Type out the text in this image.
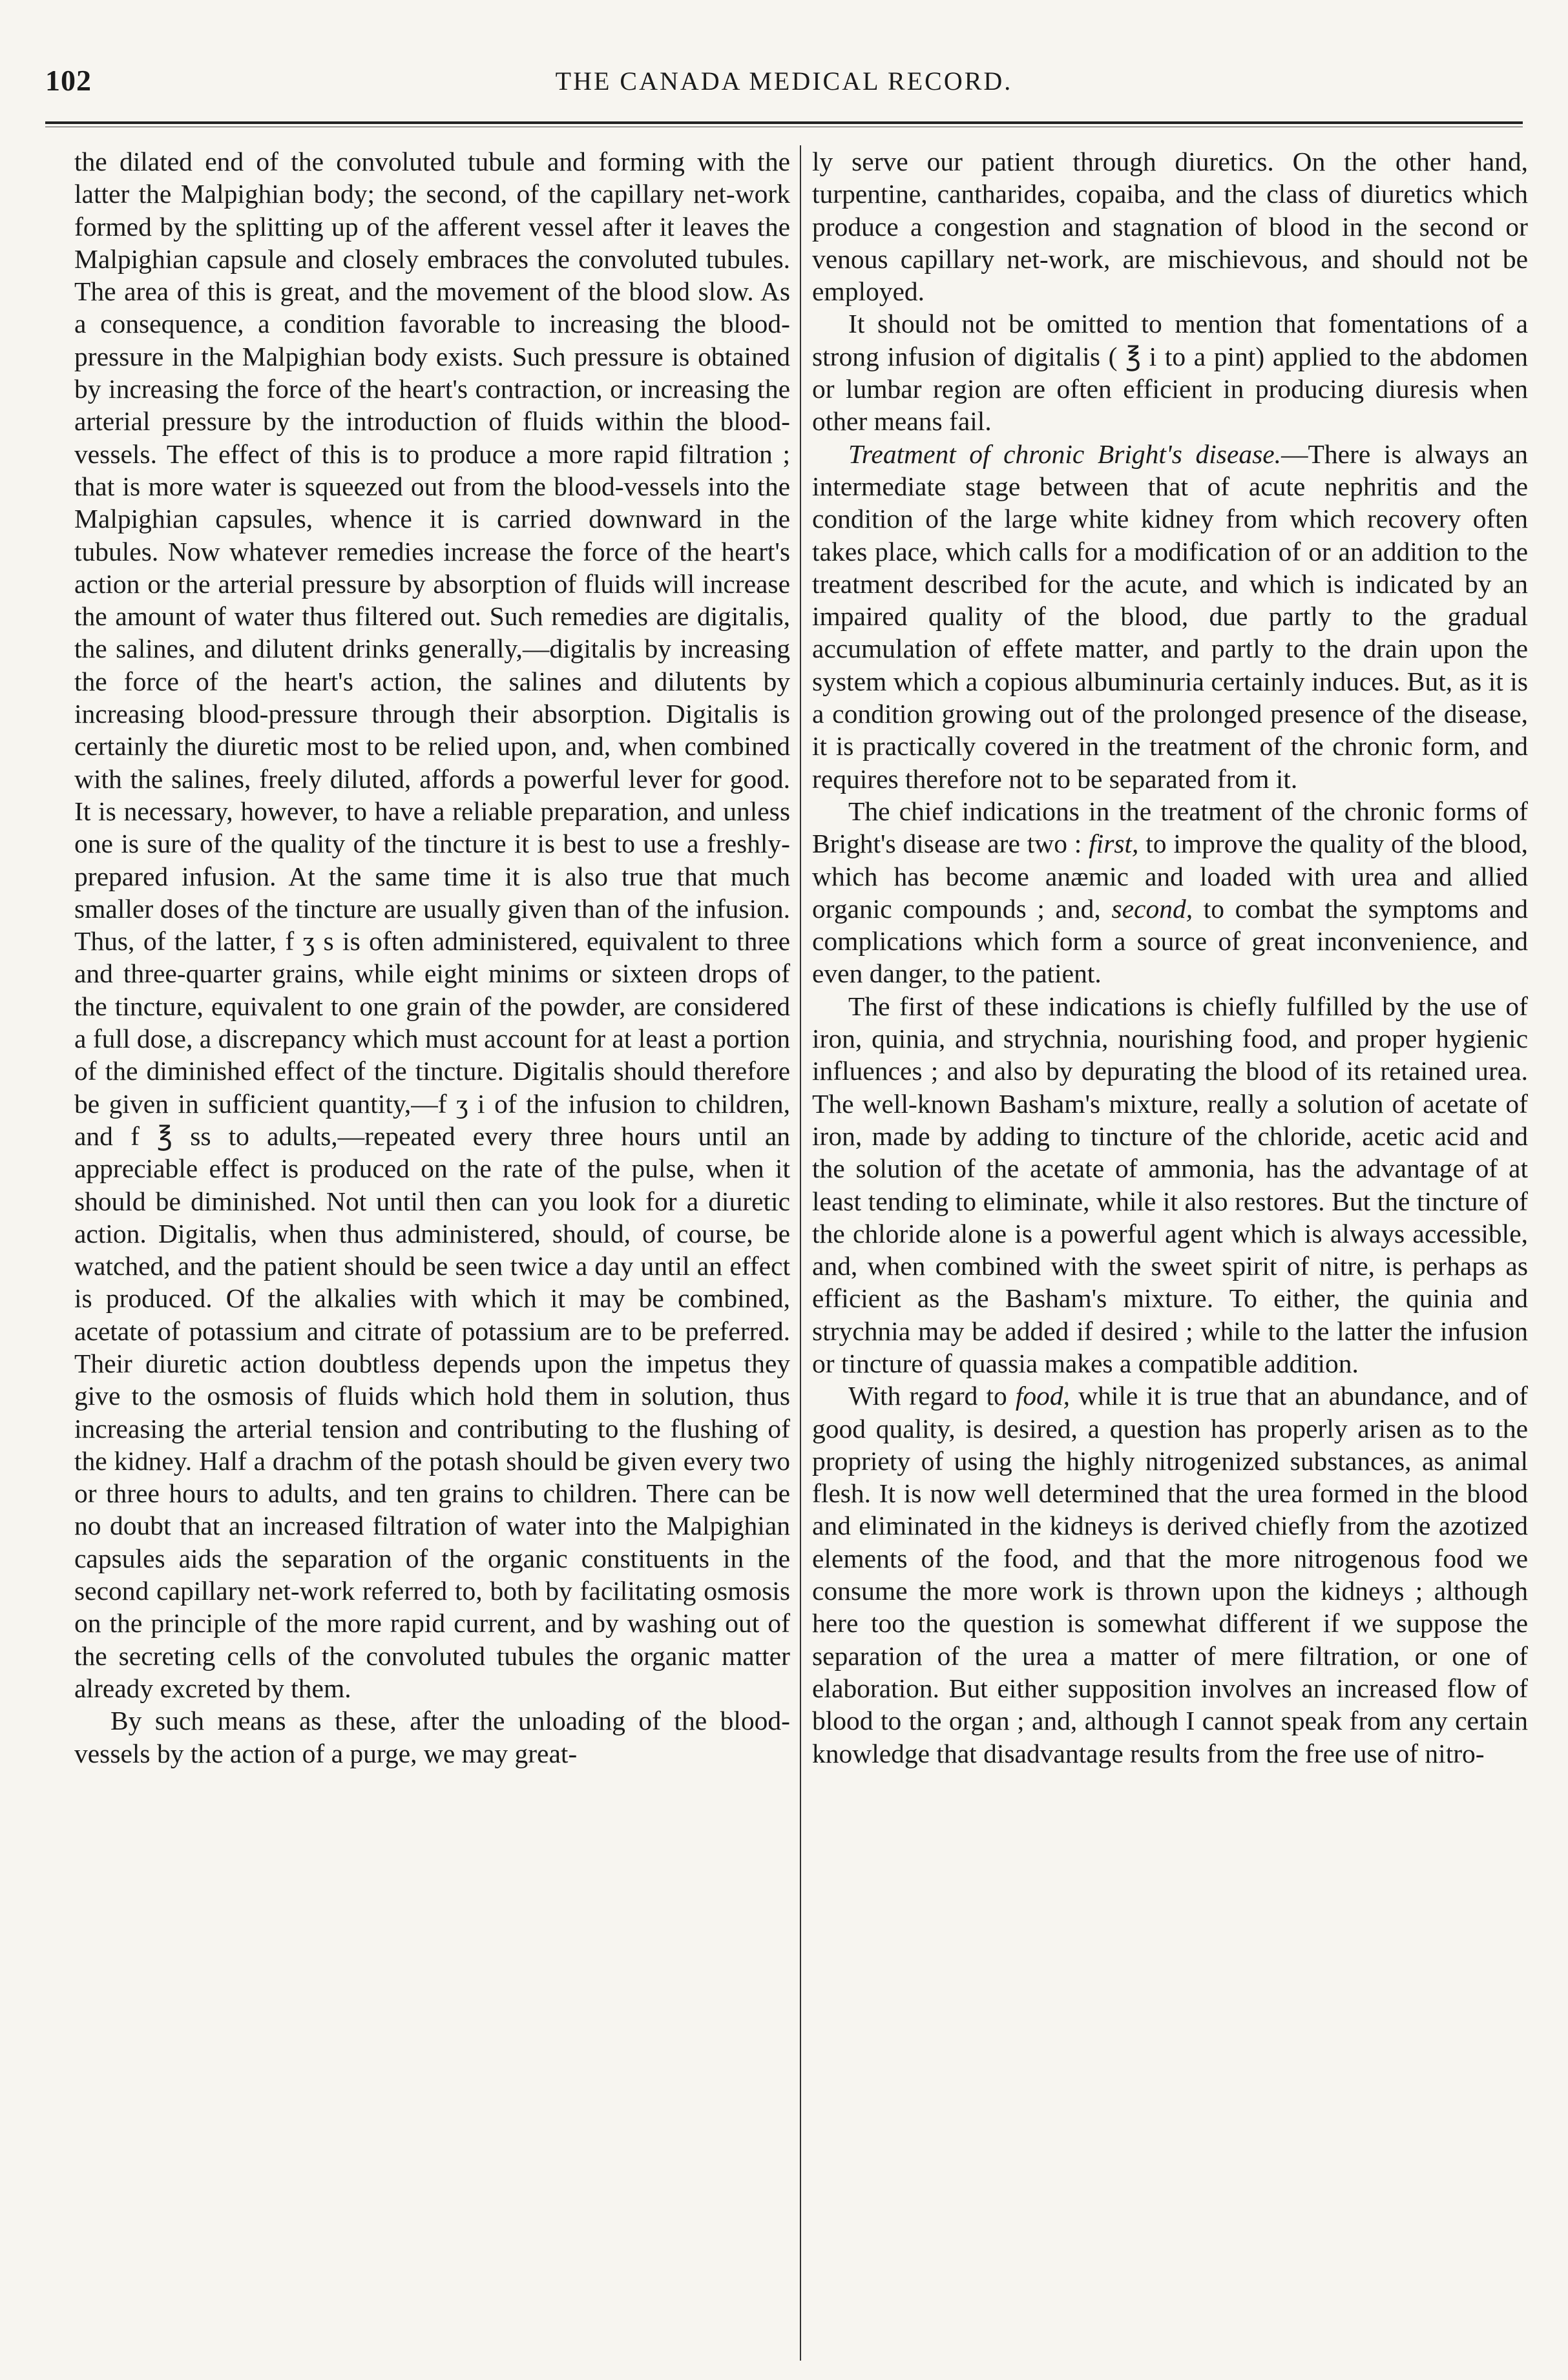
102	THE CANADA MEDICAL RECORD.

the dilated end of the convoluted tubule and forming with the latter the Malpighian body; the second, of the capillary net-work formed by the splitting up of the afferent vessel after it leaves the Malpighian capsule and closely embraces the convoluted tubules. The area of this is great, and the movement of the blood slow. As a consequence, a condition favorable to increasing the blood-pressure in the Malpighian body exists. Such pressure is obtained by increasing the force of the heart's contraction, or increasing the arterial pressure by the introduction of fluids within the blood-vessels. The effect of this is to produce a more rapid filtration ; that is more water is squeezed out from the blood-vessels into the Malpighian capsules, whence it is carried downward in the tubules. Now whatever remedies increase the force of the heart's action or the arterial pressure by absorption of fluids will increase the amount of water thus filtered out. Such remedies are digitalis, the salines, and dilutent drinks generally,—digitalis by increasing the force of the heart's action, the salines and dilutents by increasing blood-pressure through their absorption. Digitalis is certainly the diuretic most to be relied upon, and, when combined with the salines, freely diluted, affords a powerful lever for good. It is necessary, however, to have a reliable preparation, and unless one is sure of the quality of the tincture it is best to use a freshly-prepared infusion. At the same time it is also true that much smaller doses of the tincture are usually given than of the infusion. Thus, of the latter, f ʒ s is often administered, equivalent to three and three-quarter grains, while eight minims or sixteen drops of the tincture, equivalent to one grain of the powder, are considered a full dose, a discrepancy which must account for at least a portion of the diminished effect of the tincture. Digitalis should therefore be given in sufficient quantity,—f ʒ i of the infusion to children, and f ℥ ss to adults,—repeated every three hours until an appreciable effect is produced on the rate of the pulse, when it should be diminished. Not until then can you look for a diuretic action. Digitalis, when thus administered, should, of course, be watched, and the patient should be seen twice a day until an effect is produced. Of the alkalies with which it may be combined, acetate of potassium and citrate of potassium are to be preferred. Their diuretic action doubtless depends upon the impetus they give to the osmosis of fluids which hold them in solution, thus increasing the arterial tension and contributing to the flushing of the kidney. Half a drachm of the potash should be given every two or three hours to adults, and ten grains to children. There can be no doubt that an increased filtration of water into the Malpighian capsules aids the separation of the organic constituents in the second capillary net-work referred to, both by facilitating osmosis on the principle of the more rapid current, and by washing out of the secreting cells of the convoluted tubules the organic matter already excreted by them.

By such means as these, after the unloading of the blood-vessels by the action of a purge, we may great-

ly serve our patient through diuretics. On the other hand, turpentine, cantharides, copaiba, and the class of diuretics which produce a congestion and stagnation of blood in the second or venous capillary net-work, are mischievous, and should not be employed.

It should not be omitted to mention that fomentations of a strong infusion of digitalis ( ℥ i to a pint) applied to the abdomen or lumbar region are often efficient in producing diuresis when other means fail.

Treatment of chronic Bright's disease.—There is always an intermediate stage between that of acute nephritis and the condition of the large white kidney from which recovery often takes place, which calls for a modification of or an addition to the treatment described for the acute, and which is indicated by an impaired quality of the blood, due partly to the gradual accumulation of effete matter, and partly to the drain upon the system which a copious albuminuria certainly induces. But, as it is a condition growing out of the prolonged presence of the disease, it is practically covered in the treatment of the chronic form, and requires therefore not to be separated from it.

The chief indications in the treatment of the chronic forms of Bright's disease are two : first, to improve the quality of the blood, which has become anæmic and loaded with urea and allied organic compounds ; and, second, to combat the symptoms and complications which form a source of great inconvenience, and even danger, to the patient.

The first of these indications is chiefly fulfilled by the use of iron, quinia, and strychnia, nourishing food, and proper hygienic influences ; and also by depurating the blood of its retained urea. The well-known Basham's mixture, really a solution of acetate of iron, made by adding to tincture of the chloride, acetic acid and the solution of the acetate of ammonia, has the advantage of at least tending to eliminate, while it also restores. But the tincture of the chloride alone is a powerful agent which is always accessible, and, when combined with the sweet spirit of nitre, is perhaps as efficient as the Basham's mixture. To either, the quinia and strychnia may be added if desired ; while to the latter the infusion or tincture of quassia makes a compatible addition.

With regard to food, while it is true that an abundance, and of good quality, is desired, a question has properly arisen as to the propriety of using the highly nitrogenized substances, as animal flesh. It is now well determined that the urea formed in the blood and eliminated in the kidneys is derived chiefly from the azotized elements of the food, and that the more nitrogenous food we consume the more work is thrown upon the kidneys ; although here too the question is somewhat different if we suppose the separation of the urea a matter of mere filtration, or one of elaboration. But either supposition involves an increased flow of blood to the organ ; and, although I cannot speak from any certain knowledge that disadvantage results from the free use of nitro-
